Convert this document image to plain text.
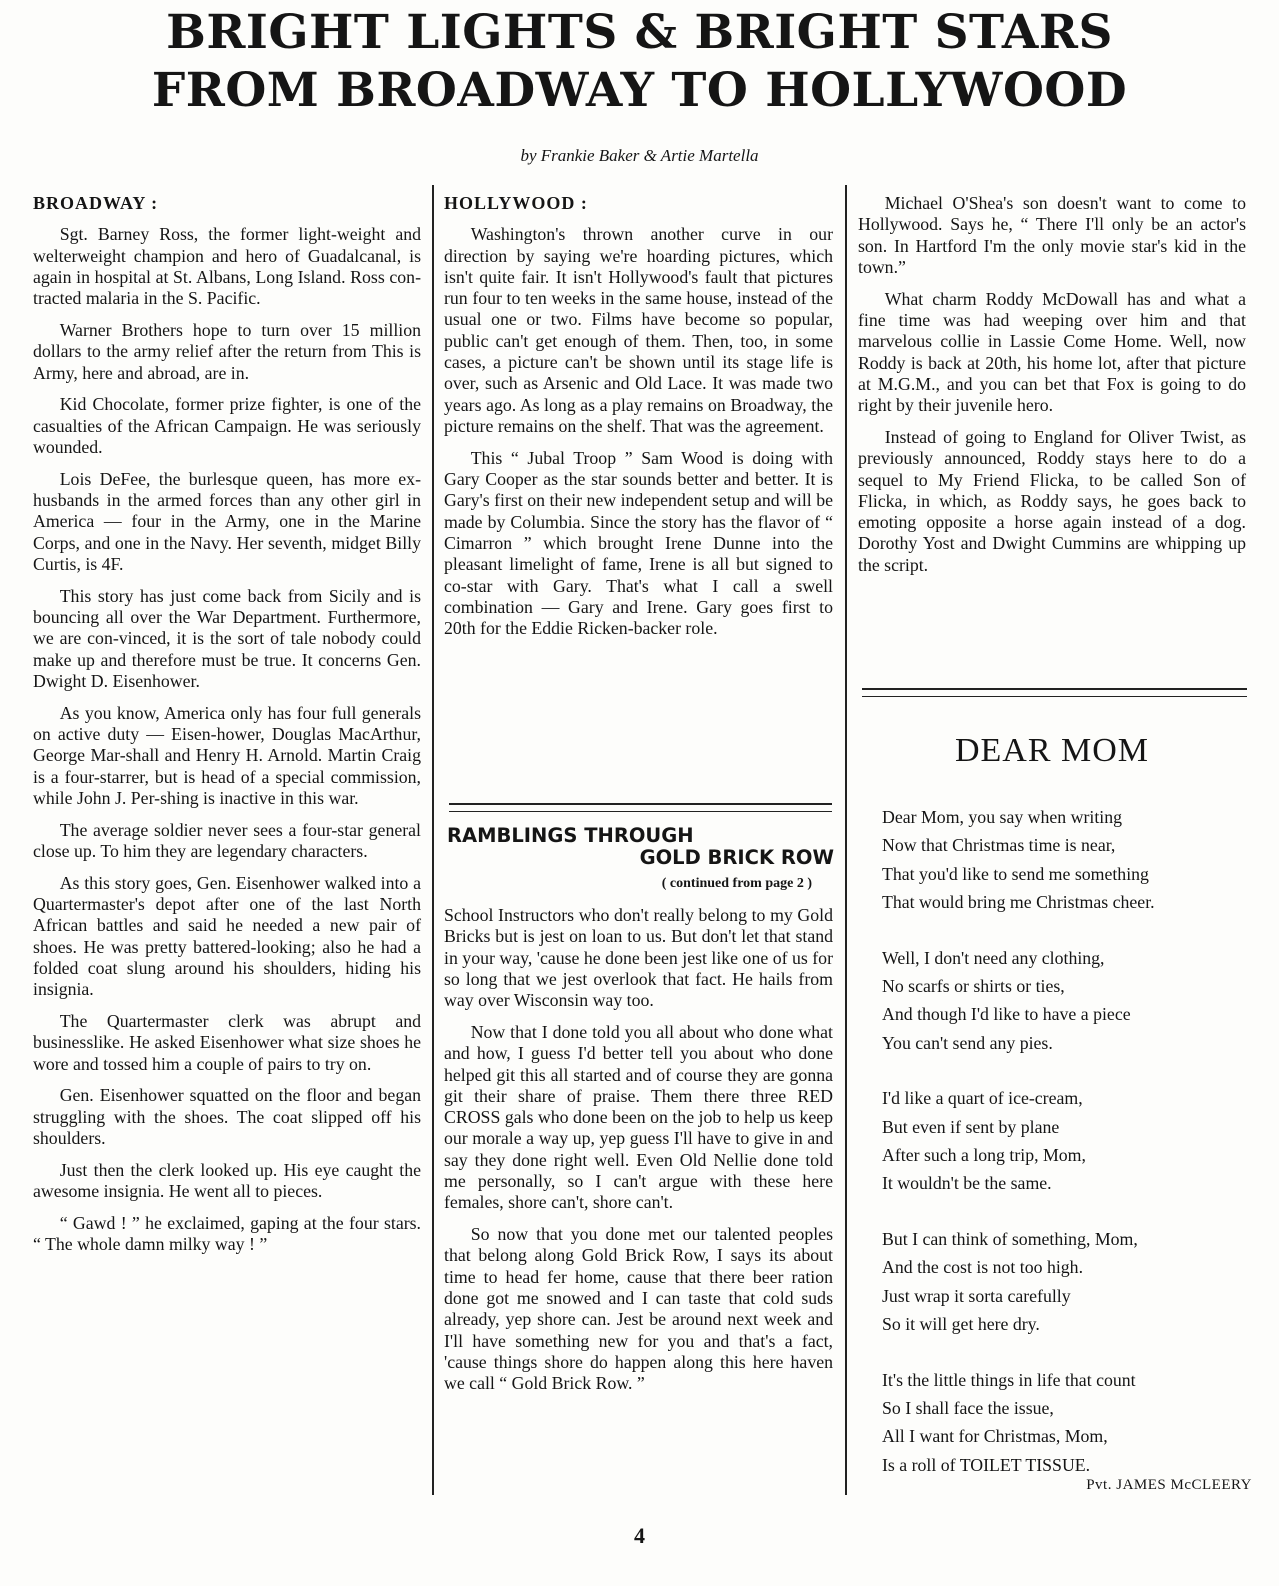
BRIGHT LIGHTS & BRIGHT STARS
FROM BROADWAY TO HOLLYWOOD
by Frankie Baker & Artie Martella
BROADWAY :

Sgt. Barney Ross, the former light-weight and welterweight champion and hero of Guadalcanal, is again in hospital at St. Albans, Long Island. Ross con-tracted malaria in the S. Pacific.

Warner Brothers hope to turn over 15 million dollars to the army relief after the return from This is Army, here and abroad, are in.

Kid Chocolate, former prize fighter, is one of the casualties of the African Campaign. He was seriously wounded.

Lois DeFee, the burlesque queen, has more ex-husbands in the armed forces than any other girl in America — four in the Army, one in the Marine Corps, and one in the Navy. Her seventh, midget Billy Curtis, is 4F.

This story has just come back from Sicily and is bouncing all over the War Department. Furthermore, we are con-vinced, it is the sort of tale nobody could make up and therefore must be true. It concerns Gen. Dwight D. Eisenhower.

As you know, America only has four full generals on active duty — Eisen-hower, Douglas MacArthur, George Mar-shall and Henry H. Arnold. Martin Craig is a four-starrer, but is head of a special commission, while John J. Per-shing is inactive in this war.

The average soldier never sees a four-star general close up. To him they are legendary characters.

As this story goes, Gen. Eisenhower walked into a Quartermaster's depot after one of the last North African battles and said he needed a new pair of shoes. He was pretty battered-looking; also he had a folded coat slung around his shoulders, hiding his insignia.

The Quartermaster clerk was abrupt and businesslike. He asked Eisenhower what size shoes he wore and tossed him a couple of pairs to try on.

Gen. Eisenhower squatted on the floor and began struggling with the shoes. The coat slipped off his shoulders.

Just then the clerk looked up. His eye caught the awesome insignia. He went all to pieces.

“ Gawd ! ” he exclaimed, gaping at the four stars. “ The whole damn milky way ! ”

HOLLYWOOD :

Washington's thrown another curve in our direction by saying we're hoarding pictures, which isn't quite fair. It isn't Hollywood's fault that pictures run four to ten weeks in the same house, instead of the usual one or two. Films have become so popular, public can't get enough of them. Then, too, in some cases, a picture can't be shown until its stage life is over, such as Arsenic and Old Lace. It was made two years ago. As long as a play remains on Broadway, the picture remains on the shelf. That was the agreement.

This “ Jubal Troop ” Sam Wood is doing with Gary Cooper as the star sounds better and better. It is Gary's first on their new independent setup and will be made by Columbia. Since the story has the flavor of “ Cimarron ” which brought Irene Dunne into the pleasant limelight of fame, Irene is all but signed to co-star with Gary. That's what I call a swell combination — Gary and Irene. Gary goes first to 20th for the Eddie Ricken-backer role.

RAMBLINGS THROUGH
GOLD BRICK ROW
( continued from page 2 )

School Instructors who don't really belong to my Gold Bricks but is jest on loan to us. But don't let that stand in your way, 'cause he done been jest like one of us for so long that we jest overlook that fact. He hails from way over Wisconsin way too.

Now that I done told you all about who done what and how, I guess I'd better tell you about who done helped git this all started and of course they are gonna git their share of praise. Them there three RED CROSS gals who done been on the job to help us keep our morale a way up, yep guess I'll have to give in and say they done right well. Even Old Nellie done told me personally, so I can't argue with these here females, shore can't, shore can't.

So now that you done met our talented peoples that belong along Gold Brick Row, I says its about time to head fer home, cause that there beer ration done got me snowed and I can taste that cold suds already, yep shore can. Jest be around next week and I'll have something new for you and that's a fact, 'cause things shore do happen along this here haven we call “ Gold Brick Row. ”

Michael O'Shea's son doesn't want to come to Hollywood. Says he, “ There I'll only be an actor's son. In Hartford I'm the only movie star's kid in the town.”

What charm Roddy McDowall has and what a fine time was had weeping over him and that marvelous collie in Lassie Come Home. Well, now Roddy is back at 20th, his home lot, after that picture at M.G.M., and you can bet that Fox is going to do right by their juvenile hero.

Instead of going to England for Oliver Twist, as previously announced, Roddy stays here to do a sequel to My Friend Flicka, to be called Son of Flicka, in which, as Roddy says, he goes back to emoting opposite a horse again instead of a dog. Dorothy Yost and Dwight Cummins are whipping up the script.

DEAR MOM
Dear Mom, you say when writing
Now that Christmas time is near,
That you'd like to send me something
That would bring me Christmas cheer.
Well, I don't need any clothing,
No scarfs or shirts or ties,
And though I'd like to have a piece
You can't send any pies.
I'd like a quart of ice-cream,
But even if sent by plane
After such a long trip, Mom,
It wouldn't be the same.
But I can think of something, Mom,
And the cost is not too high.
Just wrap it sorta carefully
So it will get here dry.
It's the little things in life that count
So I shall face the issue,
All I want for Christmas, Mom,
Is a roll of TOILET TISSUE.
Pvt. JAMES McCLEERY
4
